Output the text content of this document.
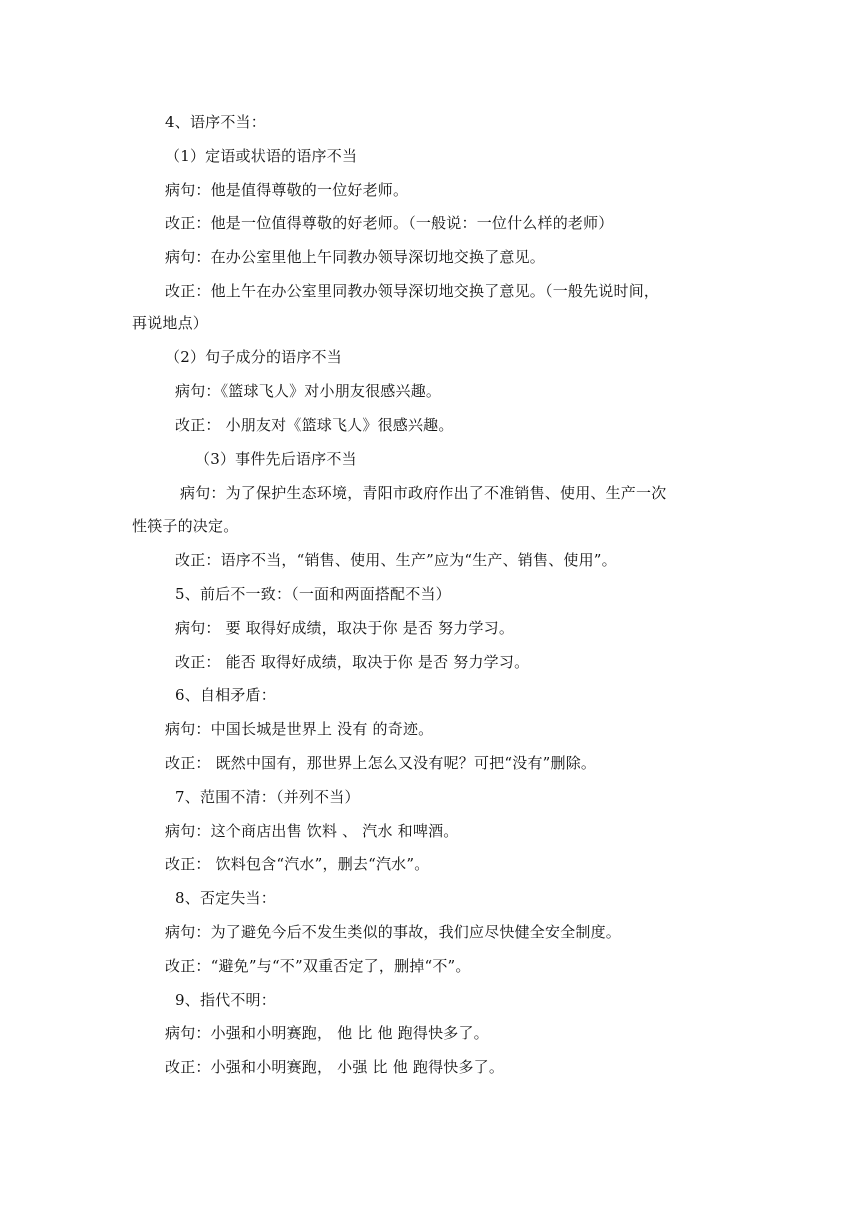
4、语序不当：
（1）定语或状语的语序不当
病句：他是值得尊敬的一位好老师。
改正：他是一位值得尊敬的好老师。（一般说：一位什么样的老师）
病句：在办公室里他上午同教办领导深切地交换了意见。
改正：他上午在办公室里同教办领导深切地交换了意见。（一般先说时间，
再说地点）
（2）句子成分的语序不当
病句：《篮球飞人》对小朋友很感兴趣。
改正： 小朋友对《篮球飞人》很感兴趣。
（3）事件先后语序不当
病句：为了保护生态环境，青阳市政府作出了不准销售、使用、生产一次
性筷子的决定。
改正：语序不当，“销售、使用、生产”应为“生产、销售、使用”。
5、前后不一致：（一面和两面搭配不当）
病句： 要 取得好成绩，取决于你 是否 努力学习。
改正： 能否 取得好成绩，取决于你 是否 努力学习。
6、自相矛盾：
病句：中国长城是世界上 没有 的奇迹。
改正： 既然中国有，那世界上怎么又没有呢？可把“没有”删除。
7、范围不清：（并列不当）
病句：这个商店出售 饮料 、 汽水 和啤酒。
改正： 饮料包含“汽水”，删去“汽水”。
8、否定失当：
病句：为了避免今后不发生类似的事故，我们应尽快健全安全制度。
改正：“避免”与“不”双重否定了，删掉“不”。
9、指代不明：
病句：小强和小明赛跑， 他 比 他 跑得快多了。
改正：小强和小明赛跑， 小强 比 他 跑得快多了。
